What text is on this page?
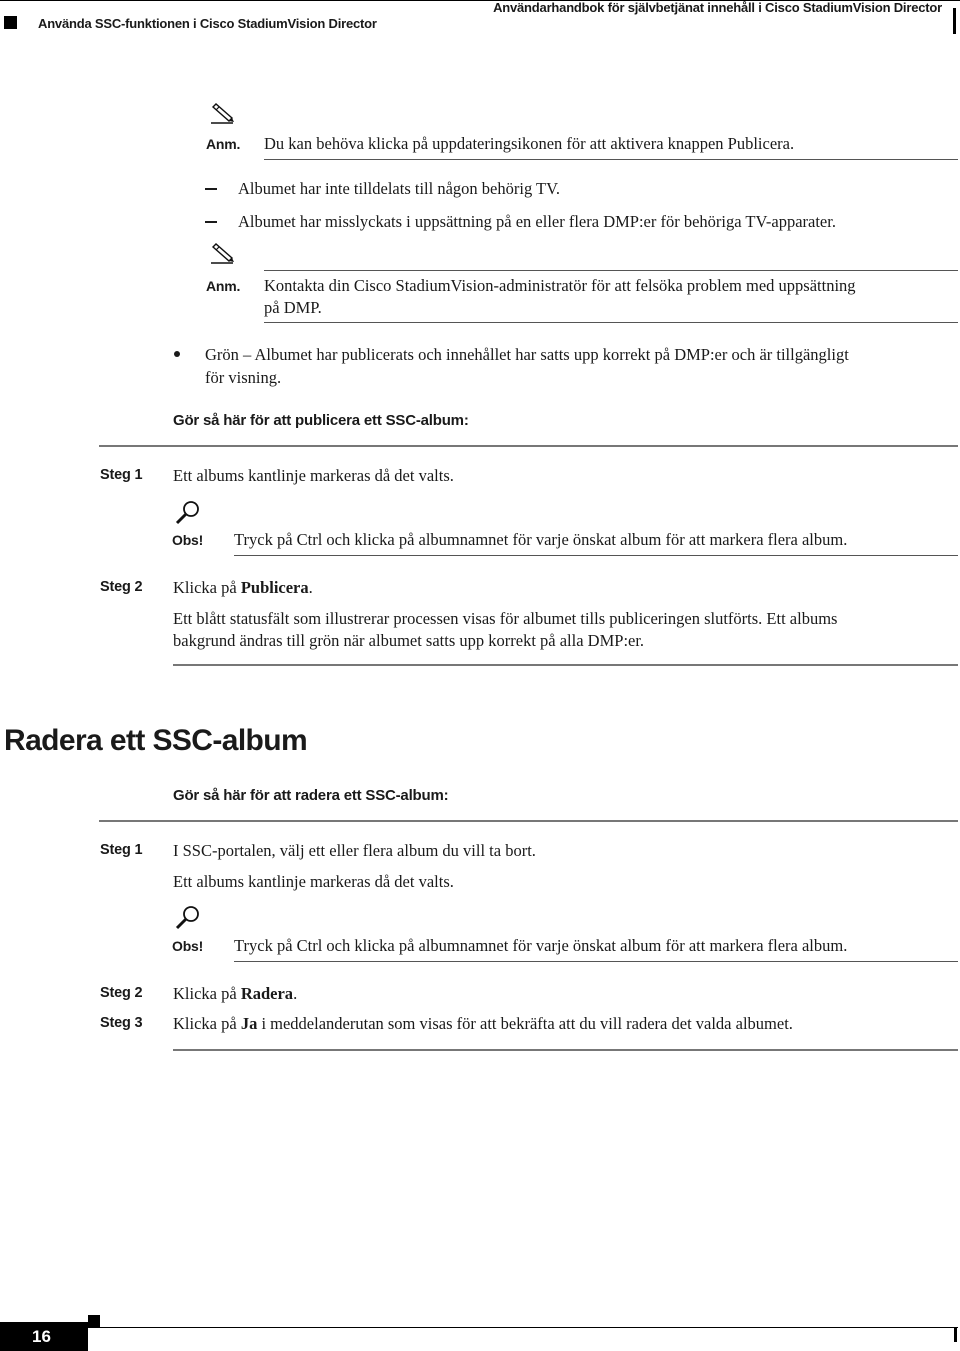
Använda SSC-funktionen i Cisco StadiumVision Director
Användarhandbok för självbetjänat innehåll i Cisco StadiumVision Director
Anm. Du kan behöva klicka på uppdateringsikonen för att aktivera knappen Publicera.
Albumet har inte tilldelats till någon behörig TV.
Albumet har misslyckats i uppsättning på en eller flera DMP:er för behöriga TV-apparater.
Anm. Kontakta din Cisco StadiumVision-administratör för att felsöka problem med uppsättning
på DMP.
Grön – Albumet har publicerats och innehållet har satts upp korrekt på DMP:er och är tillgängligt
för visning.
Gör så här för att publicera ett SSC-album:
Steg 1 Ett albums kantlinje markeras då det valts.
Obs! Tryck på Ctrl och klicka på albumnamnet för varje önskat album för att markera flera album.
Steg 2 Klicka på Publicera.
Ett blått statusfält som illustrerar processen visas för albumet tills publiceringen slutförts. Ett albums
bakgrund ändras till grön när albumet satts upp korrekt på alla DMP:er.
Radera ett SSC-album
Gör så här för att radera ett SSC-album:
Steg 1 I SSC-portalen, välj ett eller flera album du vill ta bort.
Ett albums kantlinje markeras då det valts.
Obs! Tryck på Ctrl och klicka på albumnamnet för varje önskat album för att markera flera album.
Steg 2 Klicka på Radera.
Steg 3 Klicka på Ja i meddelanderutan som visas för att bekräfta att du vill radera det valda albumet.
16
